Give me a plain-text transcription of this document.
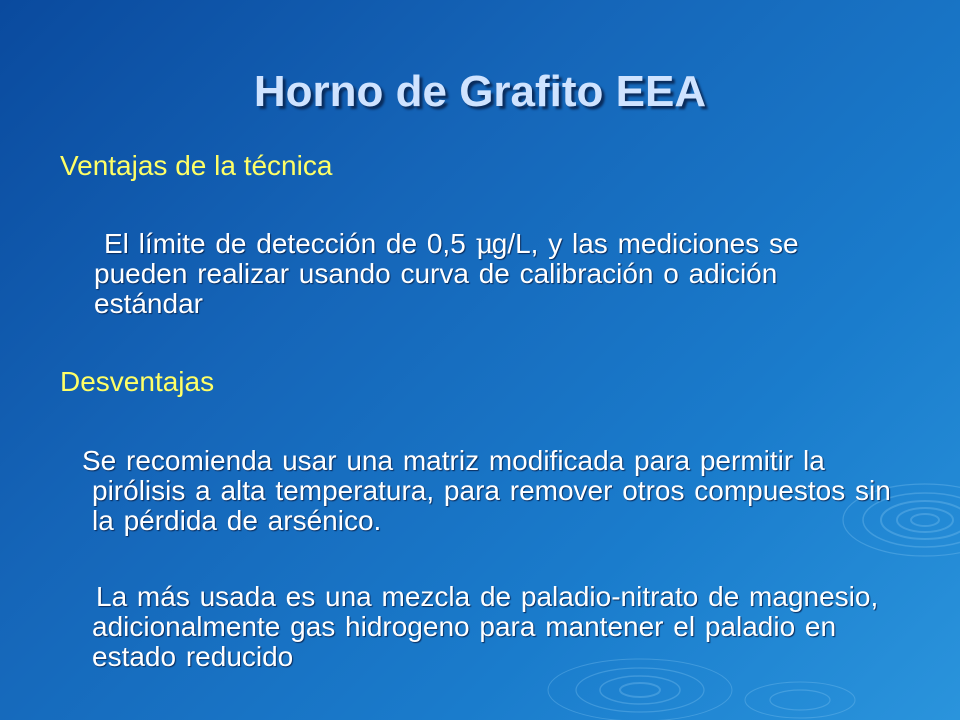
Horno de Grafito EEA

Ventajas de la técnica

El límite de detección de 0,5 μg/L, y las mediciones se pueden realizar usando curva de calibración o adición estándar

Desventajas

Se recomienda usar una matriz modificada para permitir la pirólisis a alta temperatura, para remover otros compuestos sin la pérdida de arsénico.

La más usada es una mezcla de paladio-nitrato de magnesio, adicionalmente gas hidrogeno para mantener el paladio en estado reducido
